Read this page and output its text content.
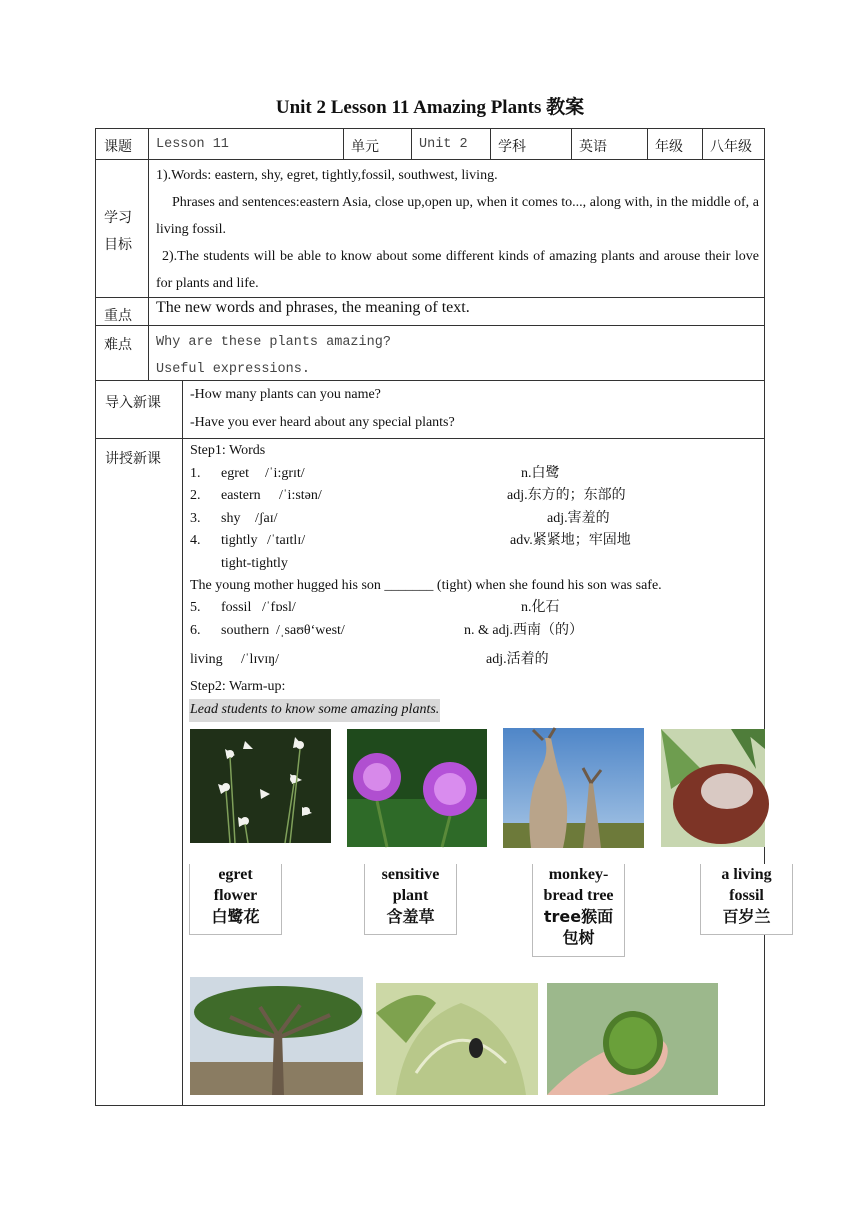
Unit 2 Lesson 11 Amazing Plants 教案
课题 Lesson 11	单元	Unit 2 学科	英语	年级 八年级
学习
目标
1).Words: eastern, shy, egret, tightly,fossil, southwest, living.
Phrases and sentences:eastern Asia, close up,open up, when it comes to..., along with, in the middle of, a living fossil.
2).The students will be able to know about some different kinds of amazing plants and arouse their love for plants and life.
重点
The new words and phrases, the meaning of text.
难点 Why are these plants amazing?
Useful expressions.
导入新课
-How many plants can you name?
-Have you ever heard about any special plants?
讲授新课
Step1: Words
1. egret /ˈi:grɪt/	n.白鹭
2. eastern /ˈi:stən/	adj.东方的；东部的
3. shy /ʃaɪ/	adj.害羞的
4. tightly /ˈtaɪtlɪ/	adv.紧紧地；牢固地
tight-tightly
The young mother hugged his son _______ (tight) when she found his son was safe.
5. fossil /ˈfɒsl/	n.化石
6. southern /ˌsaʊθ‘west/	n. & adj.西南（的）
living /ˈlɪvɪŋ/	adj.活着的
Step2: Warm-up:
Lead students to know some amazing plants.
egret
flower
白鹭花
sensitive
plant
含羞草
monkey-
bread tree
tree猴面
包树
a living
fossil
百岁兰
